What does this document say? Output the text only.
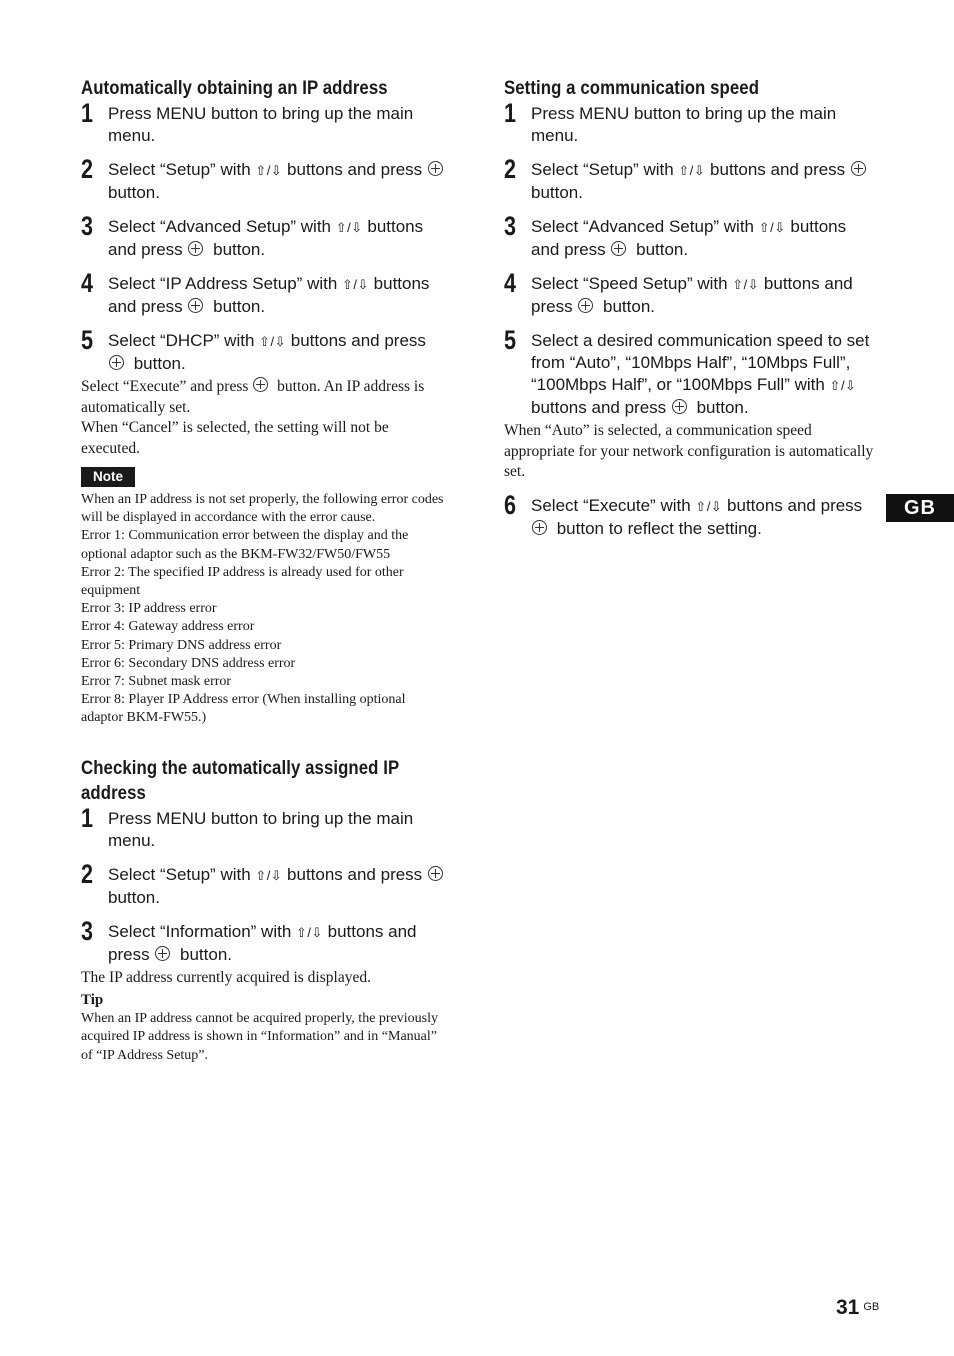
Automatically obtaining an IP address
1 Press MENU button to bring up the main menu.
2 Select “Setup” with ⇧/⇩ buttons and press  button.
3 Select “Advanced Setup” with ⇧/⇩ buttons and press  button.
4 Select “IP Address Setup” with ⇧/⇩ buttons and press  button.
5 Select “DHCP” with ⇧/⇩ buttons and press  button.

Select “Execute” and press  button. An IP address is automatically set.

When “Cancel” is selected, the setting will not be executed.

Note

When an IP address is not set properly, the following error codes will be displayed in accordance with the error cause.

Error 1: Communication error between the display and the optional adaptor such as the BKM-FW32/FW50/FW55

Error 2: The specified IP address is already used for other equipment

Error 3: IP address error

Error 4: Gateway address error

Error 5: Primary DNS address error

Error 6: Secondary DNS address error

Error 7: Subnet mask error

Error 8: Player IP Address error (When installing optional adaptor BKM-FW55.)

Checking the automatically assigned IP address
1 Press MENU button to bring up the main menu.
2 Select “Setup” with ⇧/⇩ buttons and press  button.
3 Select “Information” with ⇧/⇩ buttons and press  button.

The IP address currently acquired is displayed.

Tip

When an IP address cannot be acquired properly, the previously acquired IP address is shown in “Information” and in “Manual” of “IP Address Setup”.

Setting a communication speed
1 Press MENU button to bring up the main menu.
2 Select “Setup” with ⇧/⇩ buttons and press  button.
3 Select “Advanced Setup” with ⇧/⇩ buttons and press  button.
4 Select “Speed Setup” with ⇧/⇩ buttons and press  button.
5 Select a desired communication speed to set from “Auto”, “10Mbps Half”, “10Mbps Full”, “100Mbps Half”, or “100Mbps Full” with ⇧/⇩ buttons and press  button.

When “Auto” is selected, a communication speed appropriate for your network configuration is automatically set.

6 Select “Execute” with ⇧/⇩ buttons and press  button to reflect the setting.
GB
31 GB
